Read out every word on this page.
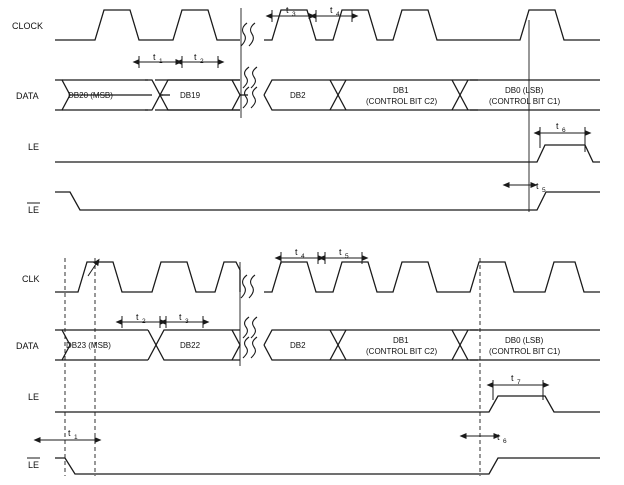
CLOCK
DATA
LE
LE
DB20 (MSB)	DB19	DB2
DB1
(CONTROL BIT C2)
DB0 (LSB)
(CONTROL BIT C1)
t 1	t 2
t 3	t 4
t 5
t 6
CLK
DATA
LE
LE
DB23 (MSB)	DB22	DB2
DB1
(CONTROL BIT C2)
DB0 (LSB)
(CONTROL BIT C1)
t 2	t 3
t 4	t 5
t 6
t 7
t 1
